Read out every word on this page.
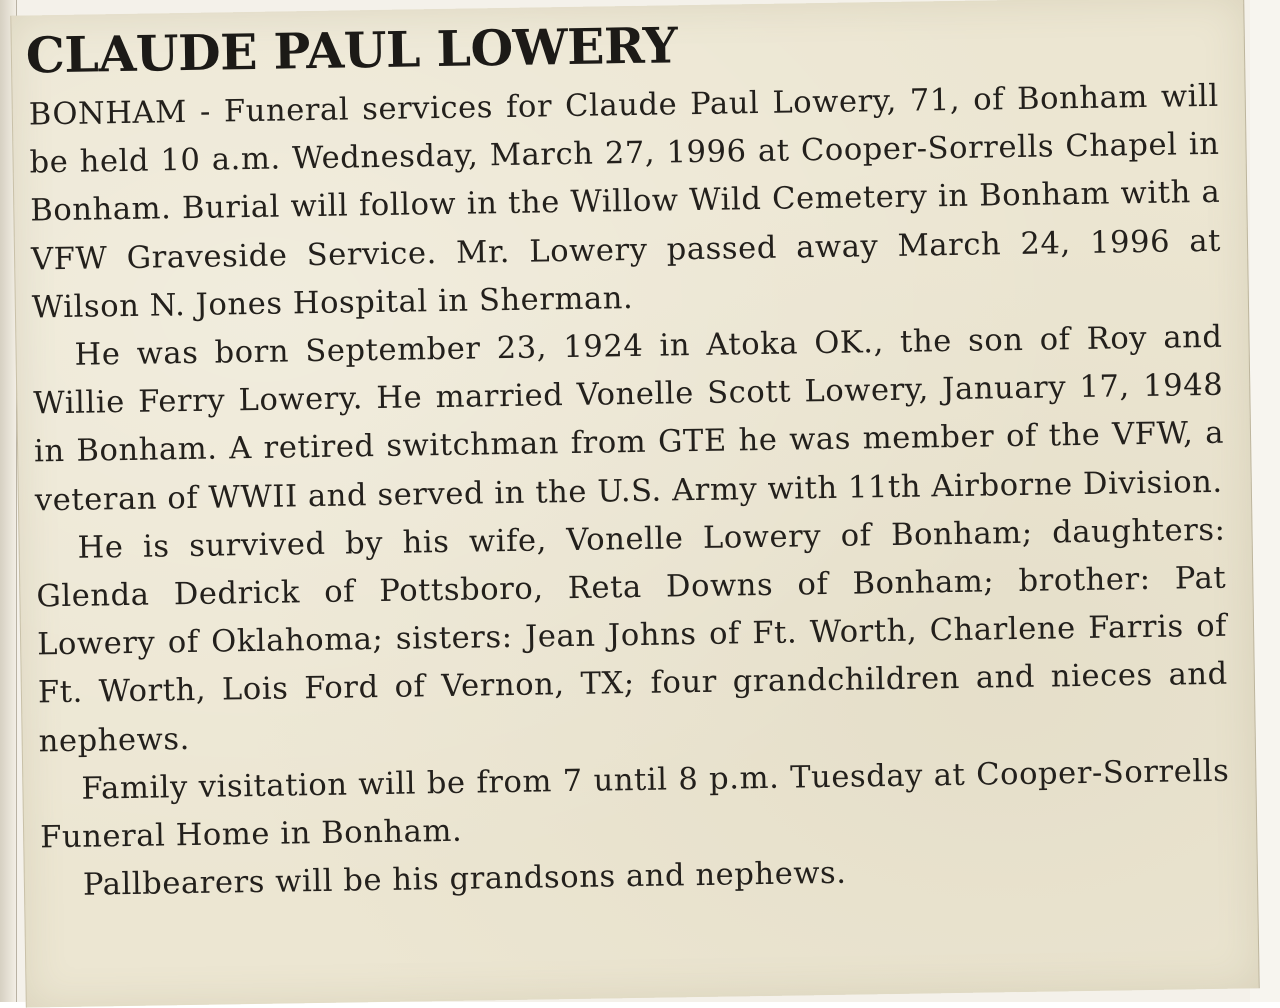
CLAUDE PAUL LOWERY

BONHAM - Funeral services for Claude Paul Lowery, 71, of Bonham will be held 10 a.m. Wednesday, March 27, 1996 at Cooper-Sorrells Chapel in Bonham. Burial will follow in the Willow Wild Cemetery in Bonham with a VFW Graveside Service. Mr. Lowery passed away March 24, 1996 at Wilson N. Jones Hospital in Sherman.

He was born September 23, 1924 in Atoka OK., the son of Roy and Willie Ferry Lowery. He married Vonelle Scott Lowery, January 17, 1948 in Bonham. A retired switchman from GTE he was member of the VFW, a veteran of WWII and served in the U.S. Army with 11th Airborne Division.

He is survived by his wife, Vonelle Lowery of Bonham; daughters: Glenda Dedrick of Pottsboro, Reta Downs of Bonham; brother: Pat Lowery of Oklahoma; sisters: Jean Johns of Ft. Worth, Charlene Farris of Ft. Worth, Lois Ford of Vernon, TX; four grandchildren and nieces and nephews.

Family visitation will be from 7 until 8 p.m. Tuesday at Cooper-Sorrells Funeral Home in Bonham.

Pallbearers will be his grandsons and nephews.
